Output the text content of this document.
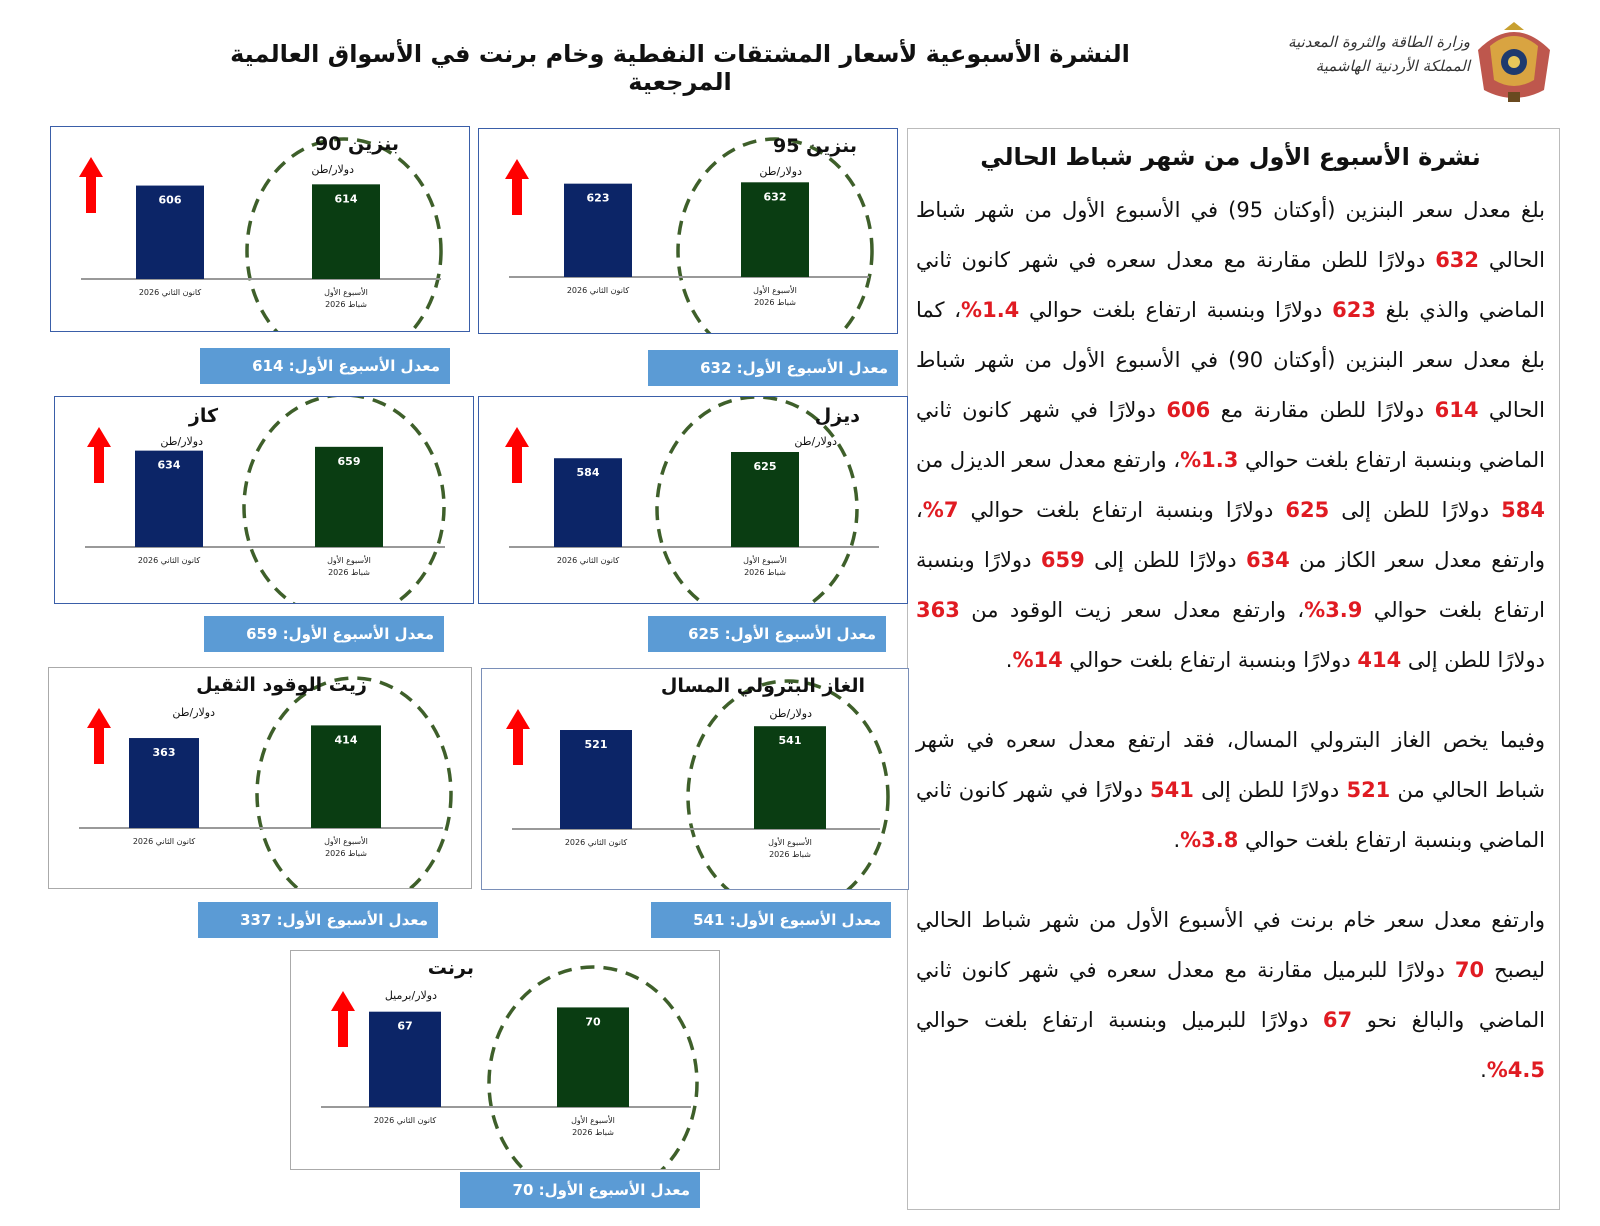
النشرة الأسبوعية لأسعار المشتقات النفطية وخام برنت في الأسواق العالمية المرجعية
وزارة الطاقة والثروة المعدنية
المملكة الأردنية الهاشمية
نشرة الأسبوع الأول من شهر شباط الحالي

بلغ معدل سعر البنزين (أوكتان 95) في الأسبوع الأول من شهر شباط الحالي 632 دولارًا للطن مقارنة مع معدل سعره في شهر كانون ثاني الماضي والذي بلغ 623 دولارًا وبنسبة ارتفاع بلغت حوالي 1.4%، كما بلغ معدل سعر البنزين (أوكتان 90) في الأسبوع الأول من شهر شباط الحالي 614 دولارًا للطن مقارنة مع 606 دولارًا في شهر كانون ثاني الماضي وبنسبة ارتفاع بلغت حوالي 1.3%، وارتفع معدل سعر الديزل من 584 دولارًا للطن إلى 625 دولارًا وبنسبة ارتفاع بلغت حوالي 7%، وارتفع معدل سعر الكاز من 634 دولارًا للطن إلى 659 دولارًا وبنسبة ارتفاع بلغت حوالي 3.9%، وارتفع معدل سعر زيت الوقود من 363 دولارًا للطن إلى 414 دولارًا وبنسبة ارتفاع بلغت حوالي 14%.

وفيما يخص الغاز البترولي المسال، فقد ارتفع معدل سعره في شهر شباط الحالي من 521 دولارًا للطن إلى 541 دولارًا في شهر كانون ثاني الماضي وبنسبة ارتفاع بلغت حوالي 3.8%.

وارتفع معدل سعر خام برنت في الأسبوع الأول من شهر شباط الحالي ليصبح 70 دولارًا للبرميل مقارنة مع معدل سعره في شهر كانون ثاني الماضي والبالغ نحو 67 دولارًا للبرميل وبنسبة ارتفاع بلغت حوالي 4.5%.

623
كانون الثاني 2026
632
الأسبوع الأول
شباط 2026
بنزين 95
دولار/طن
606
كانون الثاني 2026
614
الأسبوع الأول
شباط 2026
بنزين 90
دولار/طن
584
كانون الثاني 2026
625
الأسبوع الأول
شباط 2026
ديزل
دولار/طن
634
كانون الثاني 2026
659
الأسبوع الأول
شباط 2026
كاز
دولار/طن
521
كانون الثاني 2026
541
الأسبوع الأول
شباط 2026
الغاز البترولي المسال
دولار/طن
363
كانون الثاني 2026
414
الأسبوع الأول
شباط 2026
زيت الوقود الثقيل
دولار/طن
67
كانون الثاني 2026
70
الأسبوع الأول
شباط 2026
برنت
دولار/برميل
معدل الأسبوع الأول: 632
معدل الأسبوع الأول: 614
معدل الأسبوع الأول: 625
معدل الأسبوع الأول: 659
معدل الأسبوع الأول: 541
معدل الأسبوع الأول: 337
معدل الأسبوع الأول: 70
